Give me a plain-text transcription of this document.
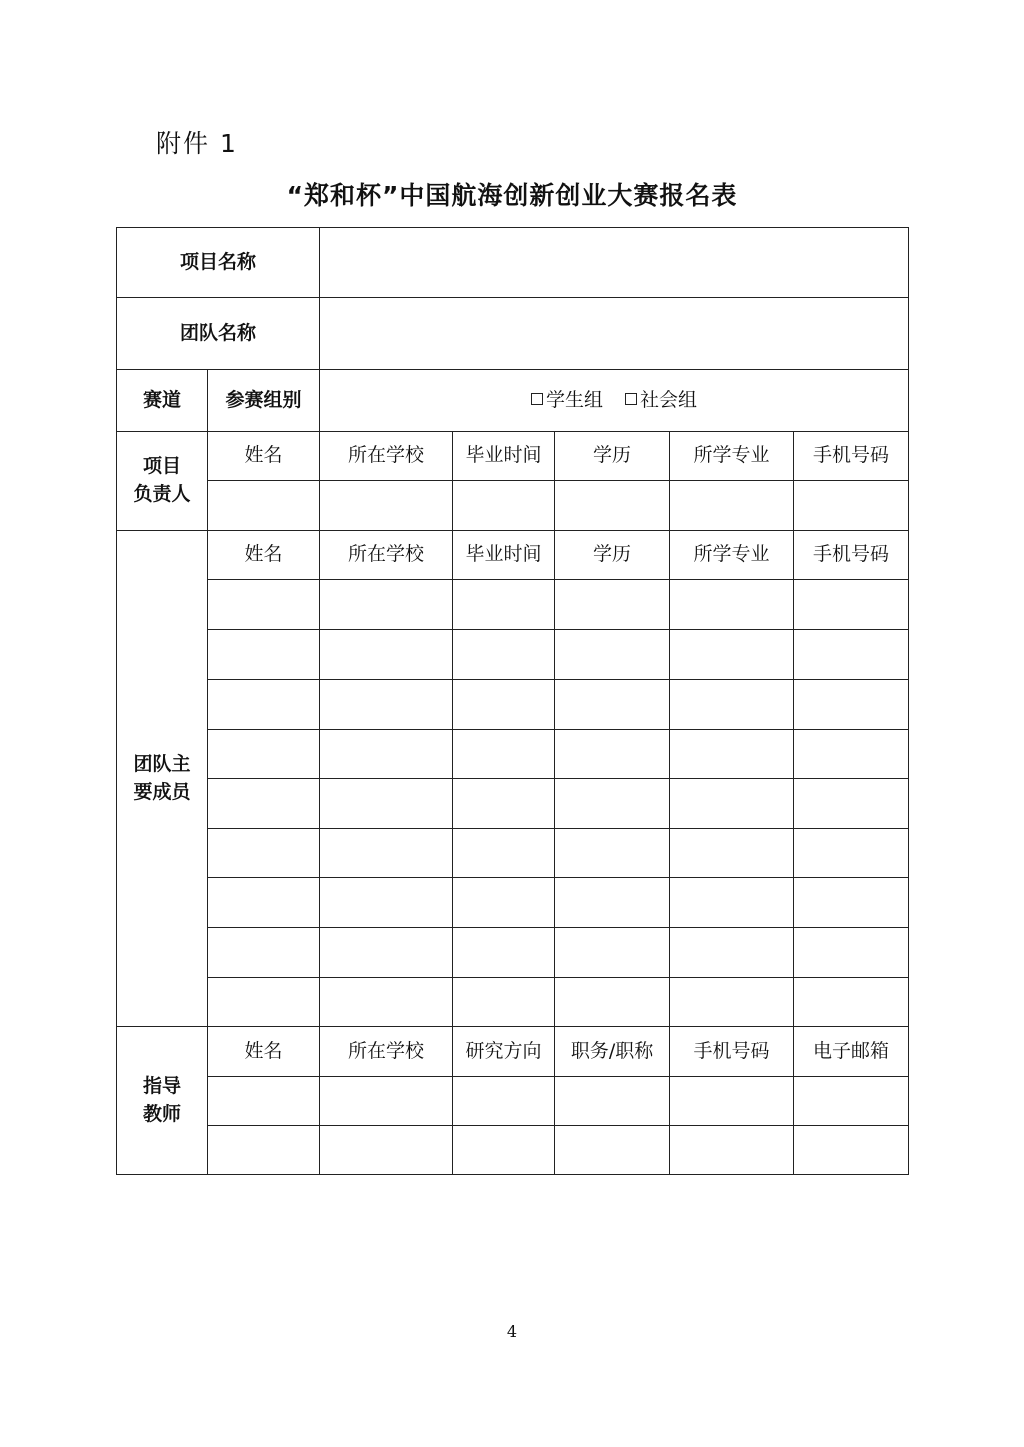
附件 1
“郑和杯”中国航海创新创业大赛报名表
项目名称						
团队名称						
赛道	参赛组别	学生组 社会组				
项目
负责人	姓名	所在学校	毕业时间	学历	所学专业	手机号码

团队主
要成员	姓名	所在学校	毕业时间	学历	所学专业	手机号码

指导
教师	姓名	所在学校	研究方向	职务/职称	手机号码	电子邮箱

4
